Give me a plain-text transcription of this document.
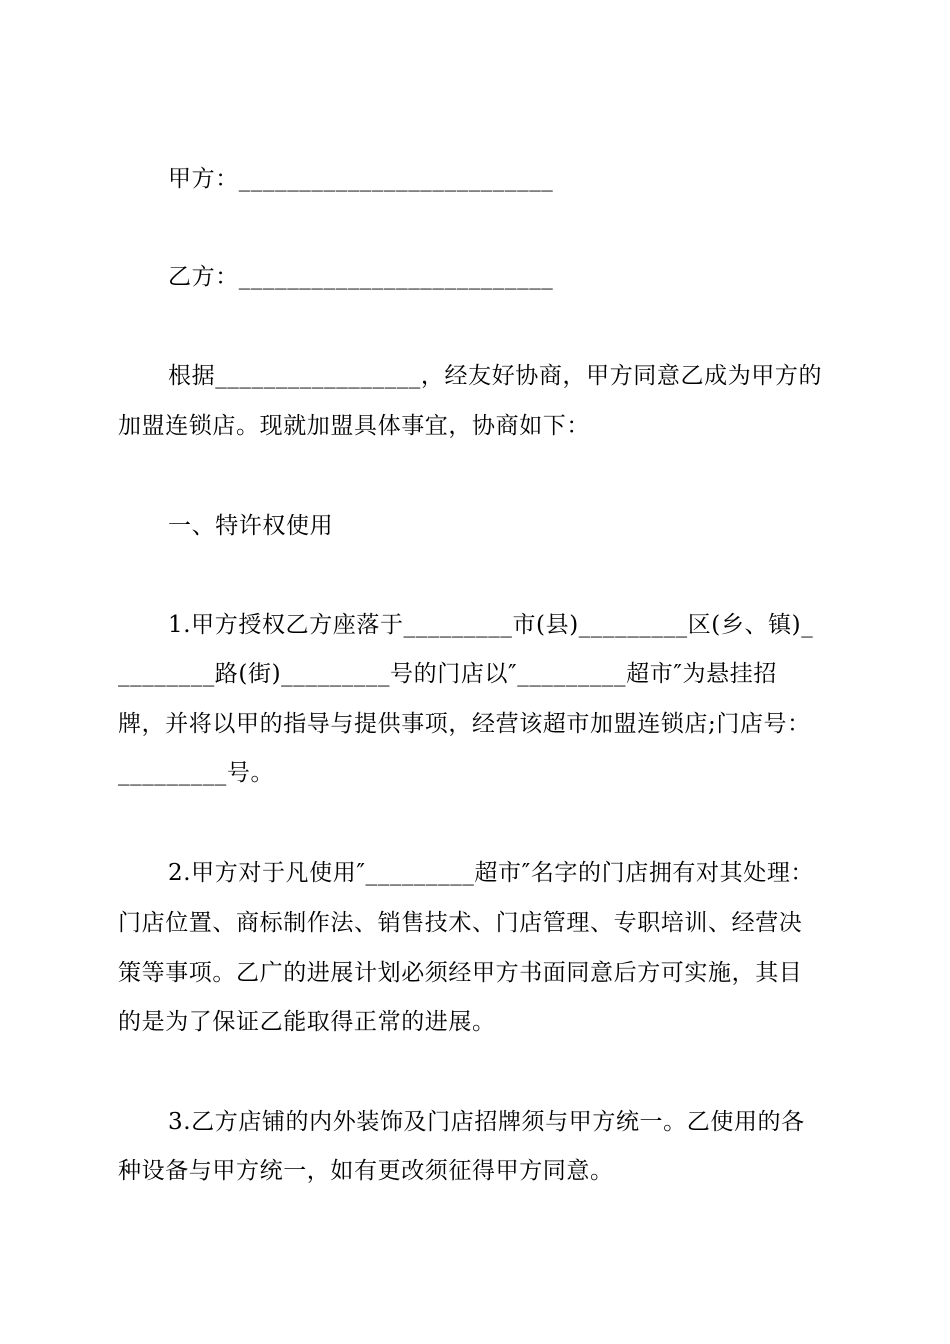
甲方：__________________________
乙方：__________________________
根据_________________，经友好协商，甲方同意乙成为甲方的
加盟连锁店。现就加盟具体事宜，协商如下：
一、特许权使用
1.甲方授权乙方座落于_________市(县)_________区(乡、镇)_
________路(街)_________号的门店以″_________超市″为悬挂招
牌，并将以甲的指导与提供事项，经营该超市加盟连锁店;门店号：
_________号。
2.甲方对于凡使用″_________超市″名字的门店拥有对其处理：
门店位置、商标制作法、销售技术、门店管理、专职培训、经营决
策等事项。乙广的进展计划必须经甲方书面同意后方可实施，其目
的是为了保证乙能取得正常的进展。
3.乙方店铺的内外装饰及门店招牌须与甲方统一。乙使用的各
种设备与甲方统一，如有更改须征得甲方同意。
